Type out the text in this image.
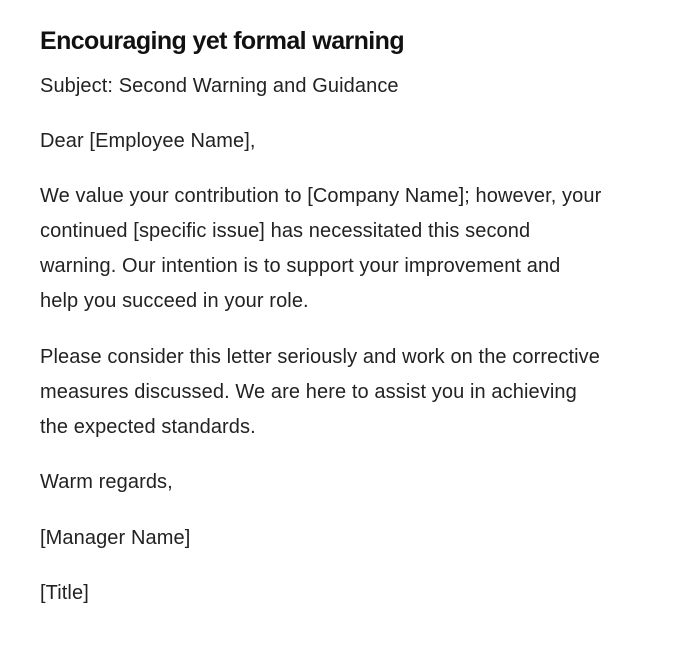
Encouraging yet formal warning

Subject: Second Warning and Guidance

Dear [Employee Name],

We value your contribution to [Company Name]; however, your
continued [specific issue] has necessitated this second
warning. Our intention is to support your improvement and
help you succeed in your role.

Please consider this letter seriously and work on the corrective
measures discussed. We are here to assist you in achieving
the expected standards.

Warm regards,

[Manager Name]

[Title]
